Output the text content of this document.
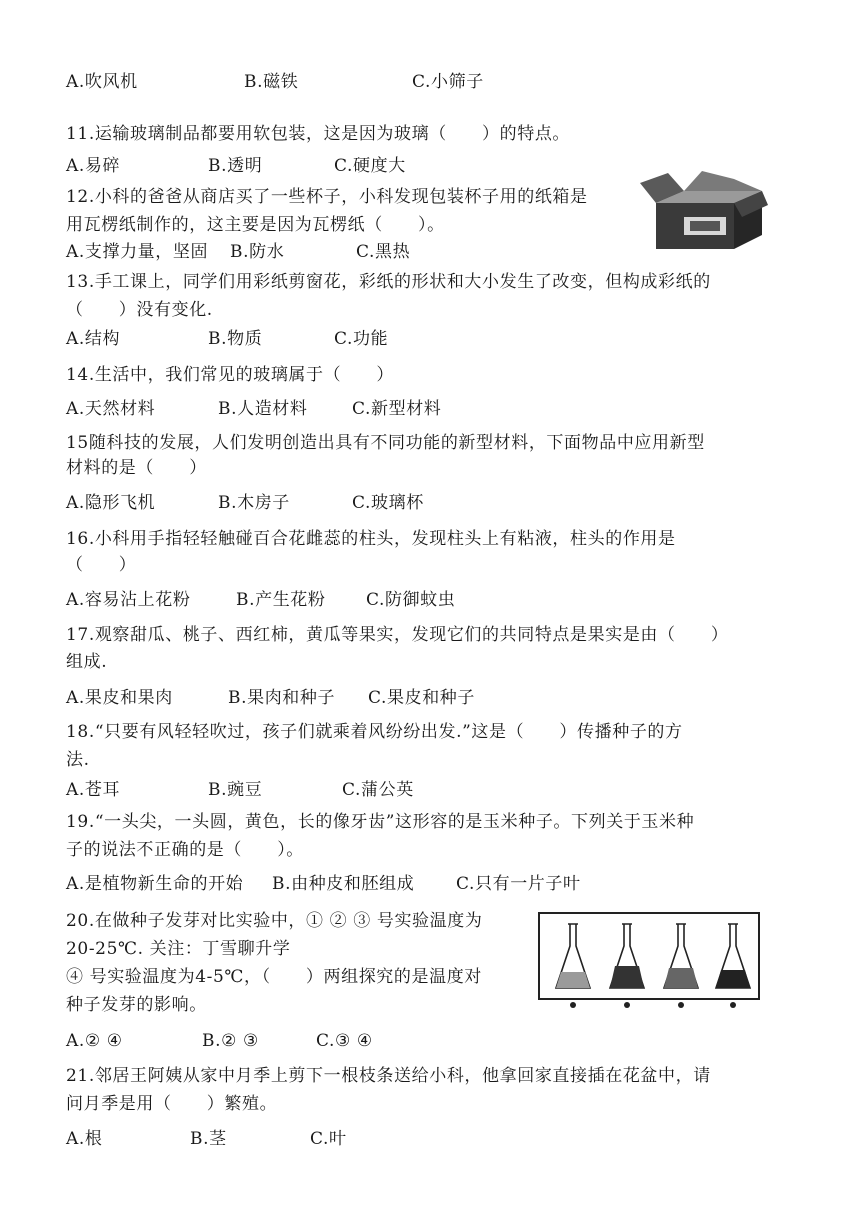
A.吹风机	B.磁铁	C.小筛子
11.运输玻璃制品都要用软包装，这是因为玻璃（　　）的特点。
A.易碎	B.透明	C.硬度大
12.小科的爸爸从商店买了一些杯子，小科发现包装杯子用的纸箱是
用瓦楞纸制作的，这主要是因为瓦楞纸（　　）。
A.支撑力量，坚固 B.防水	C.黑热
13.手工课上，同学们用彩纸剪窗花，彩纸的形状和大小发生了改变，但构成彩纸的
（　　）没有变化.
A.结构	B.物质	C.功能
14.生活中，我们常见的玻璃属于（　　）
A.天然材料	B.人造材料	C.新型材料
15随科技的发展，人们发明创造出具有不同功能的新型材料，下面物品中应用新型
材料的是（　　）
A.隐形飞机	B.木房子	C.玻璃杯
16.小科用手指轻轻触碰百合花雌蕊的柱头，发现柱头上有粘液，柱头的作用是
（　　）
A.容易沾上花粉	B.产生花粉 C.防御蚊虫
17.观察甜瓜、桃子、西红柿，黄瓜等果实，发现它们的共同特点是果实是由（　　）
组成.
A.果皮和果肉	B.果肉和种子 C.果皮和种子
18.“只要有风轻轻吹过，孩子们就乘着风纷纷出发.”这是（　　）传播种子的方
法.
A.苍耳	B.豌豆	C.蒲公英
19.“一头尖，一头圆，黄色，长的像牙齿”这形容的是玉米种子。下列关于玉米种
子的说法不正确的是（　　）。
A.是植物新生命的开始 B.由种皮和胚组成 C.只有一片子叶
20.在做种子发芽对比实验中，① ② ③ 号实验温度为
20-25℃. 关注：丁雪聊升学
④ 号实验温度为4-5℃，（　　）两组探究的是温度对
种子发芽的影响。
A.② ④	B.② ③	C.③ ④
21.邻居王阿姨从家中月季上剪下一根枝条送给小科，他拿回家直接插在花盆中，请
问月季是用（　　）繁殖。
A.根	B.茎	C.叶
